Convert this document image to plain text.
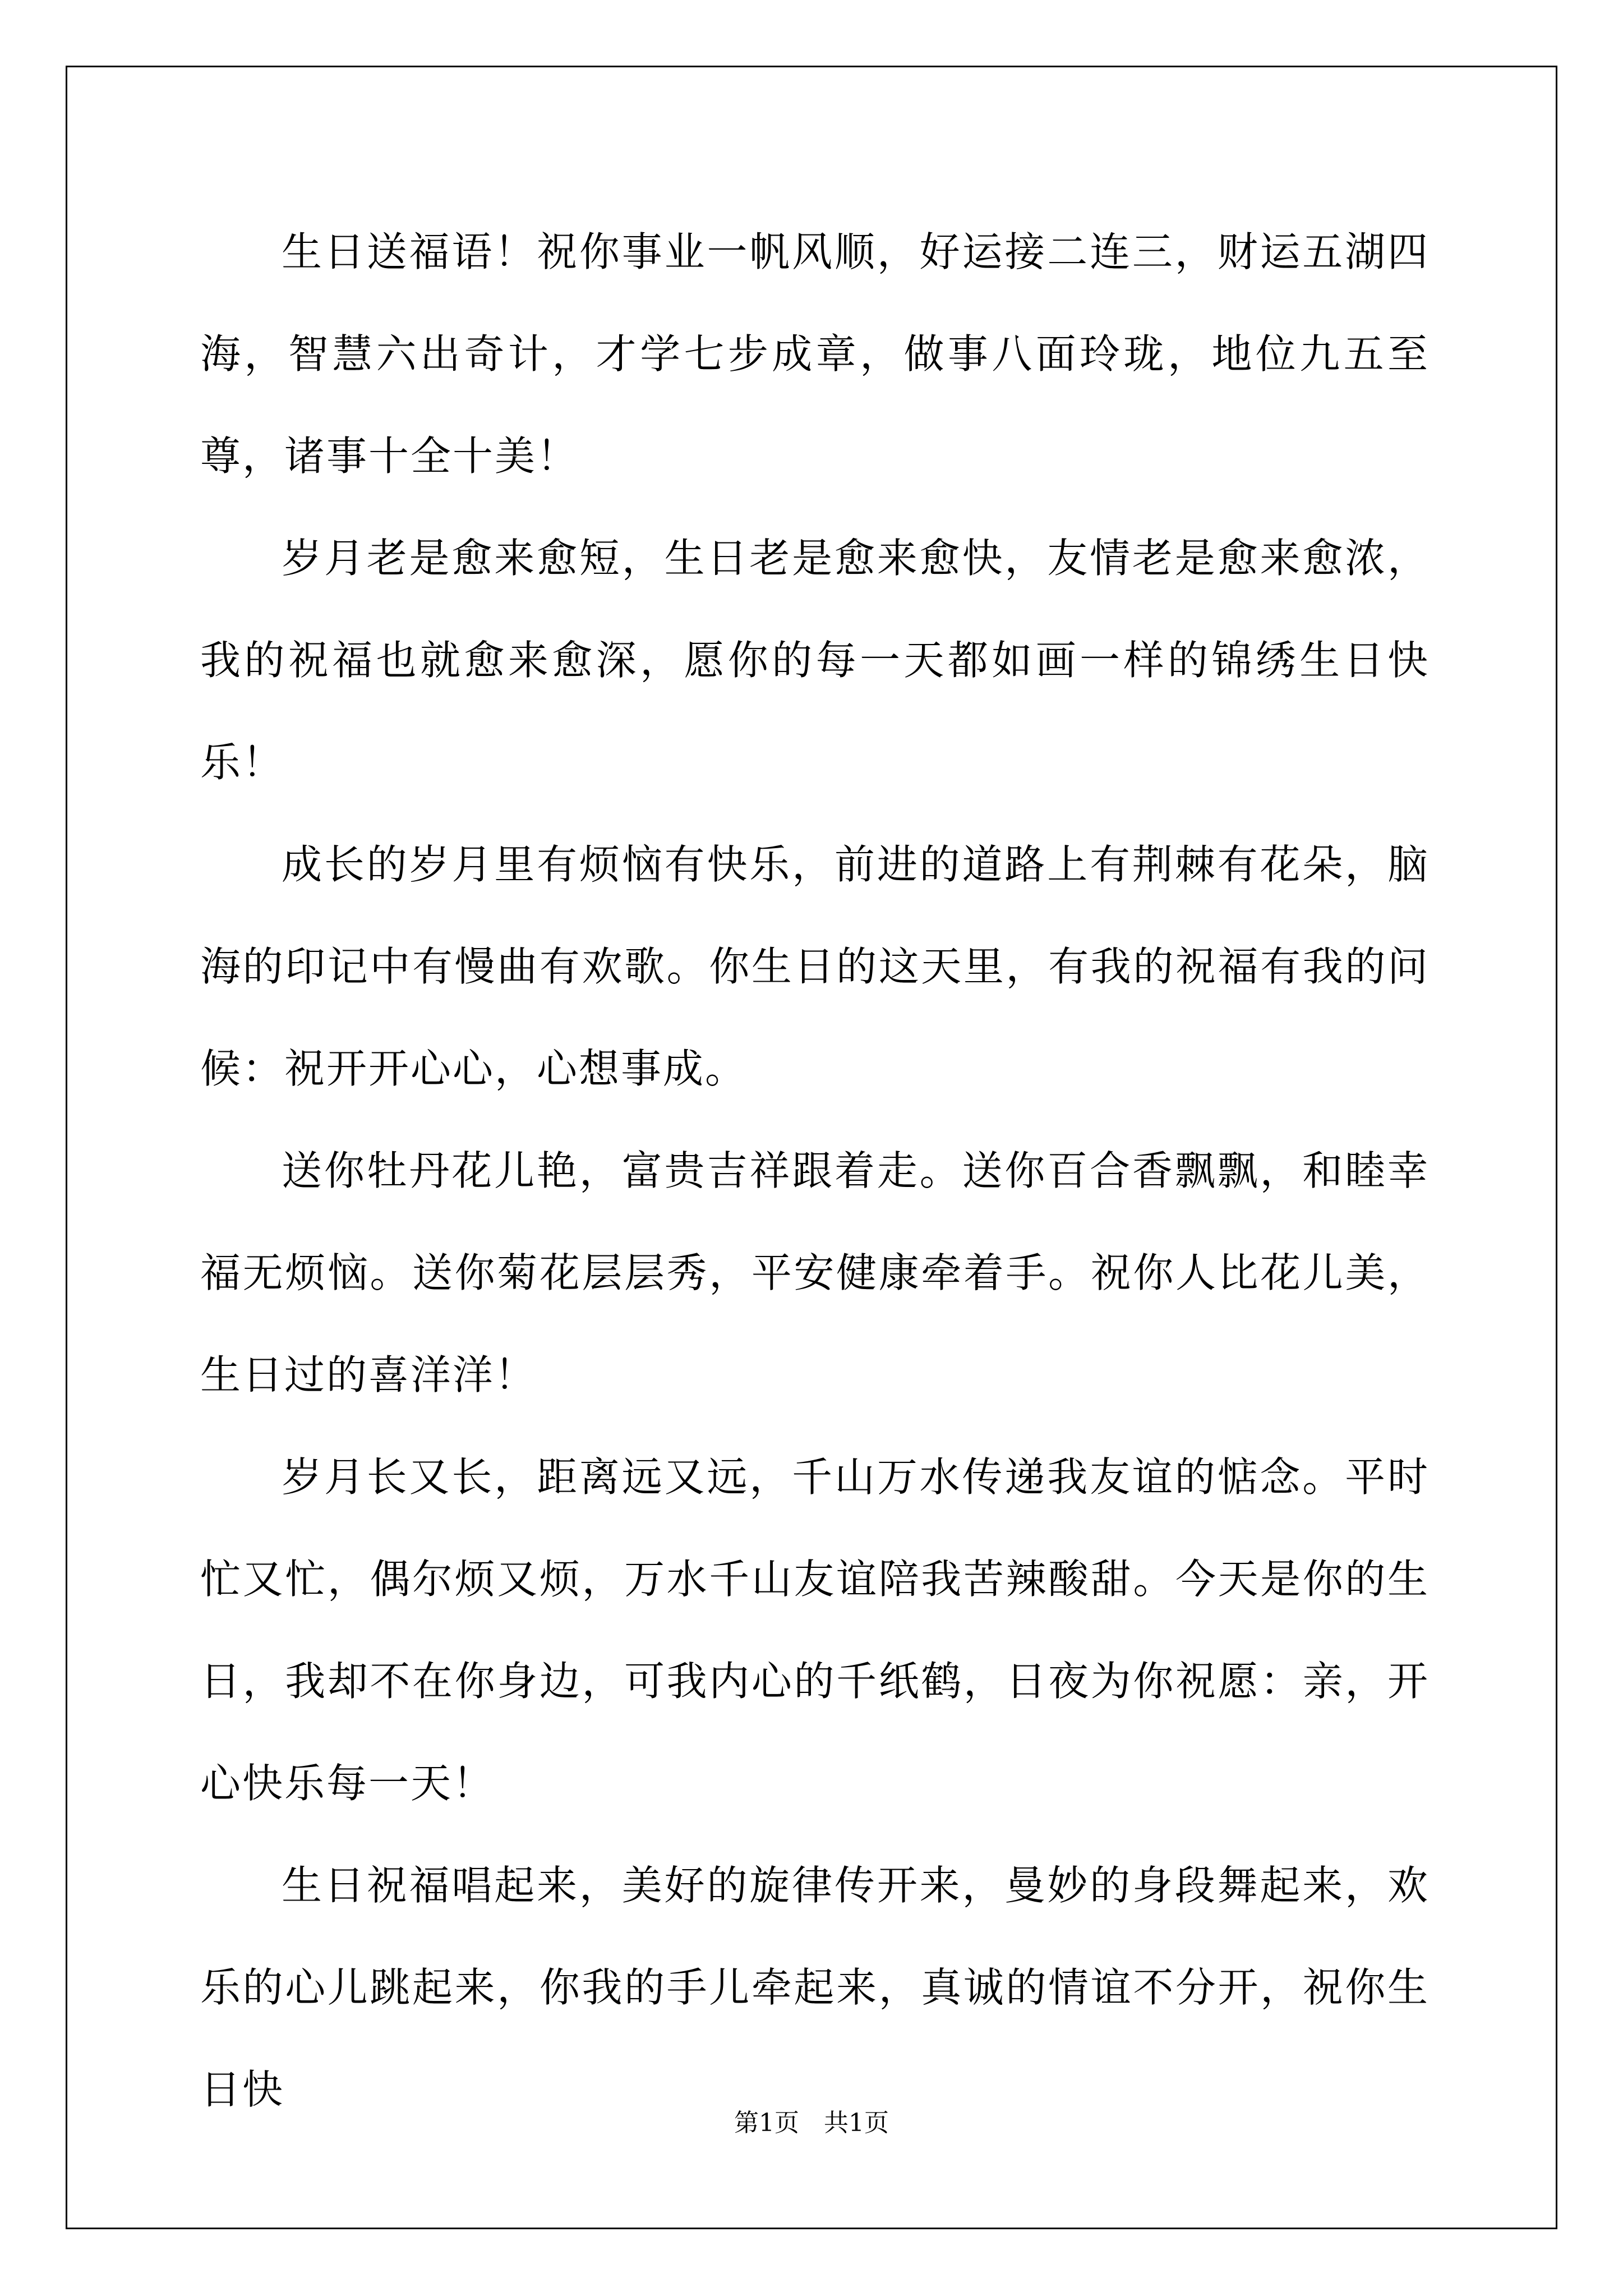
生日送福语！祝你事业一帆风顺，好运接二连三，财运五湖四海，智慧六出奇计，才学七步成章，做事八面玲珑，地位九五至尊，诸事十全十美！

岁月老是愈来愈短，生日老是愈来愈快，友情老是愈来愈浓，我的祝福也就愈来愈深，愿你的每一天都如画一样的锦绣生日快乐！

成长的岁月里有烦恼有快乐，前进的道路上有荆棘有花朵，脑海的印记中有慢曲有欢歌。你生日的这天里，有我的祝福有我的问候：祝开开心心，心想事成。

送你牡丹花儿艳，富贵吉祥跟着走。送你百合香飘飘，和睦幸福无烦恼。送你菊花层层秀，平安健康牵着手。祝你人比花儿美，生日过的喜洋洋！

岁月长又长，距离远又远，千山万水传递我友谊的惦念。平时忙又忙，偶尔烦又烦，万水千山友谊陪我苦辣酸甜。今天是你的生日，我却不在你身边，可我内心的千纸鹤，日夜为你祝愿：亲，开心快乐每一天！

生日祝福唱起来，美好的旋律传开来，曼妙的身段舞起来，欢乐的心儿跳起来，你我的手儿牵起来，真诚的情谊不分开，祝你生日快

第1页　共1页
